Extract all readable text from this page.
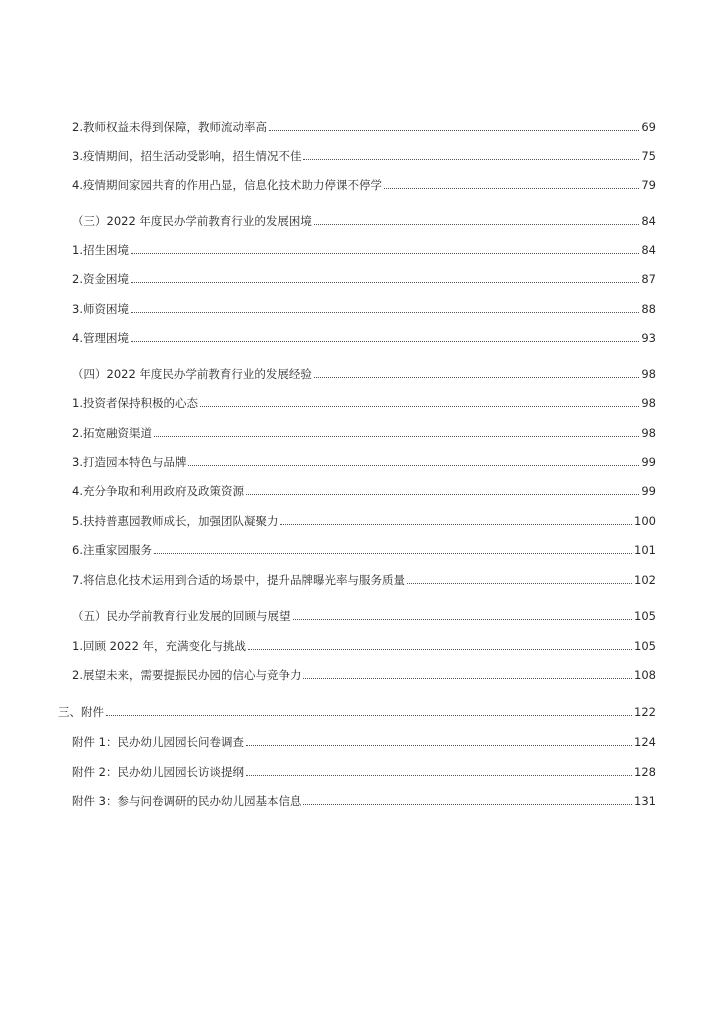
2.教师权益未得到保障，教师流动率高	69
3.疫情期间，招生活动受影响，招生情况不佳	75
4.疫情期间家园共育的作用凸显，信息化技术助力停课不停学	79
（三）2022 年度民办学前教育行业的发展困境	84
1.招生困境	84
2.资金困境	87
3.师资困境	88
4.管理困境	93
（四）2022 年度民办学前教育行业的发展经验	98
1.投资者保持积极的心态	98
2.拓宽融资渠道	98
3.打造园本特色与品牌	99
4.充分争取和利用政府及政策资源	99
5.扶持普惠园教师成长，加强团队凝聚力	100
6.注重家园服务	101
7.将信息化技术运用到合适的场景中，提升品牌曝光率与服务质量	102
（五）民办学前教育行业发展的回顾与展望	105
1.回顾 2022 年，充满变化与挑战	105
2.展望未来，需要提振民办园的信心与竞争力	108
三、附件	122
附件 1：民办幼儿园园长问卷调查	124
附件 2：民办幼儿园园长访谈提纲	128
附件 3：参与问卷调研的民办幼儿园基本信息	131
